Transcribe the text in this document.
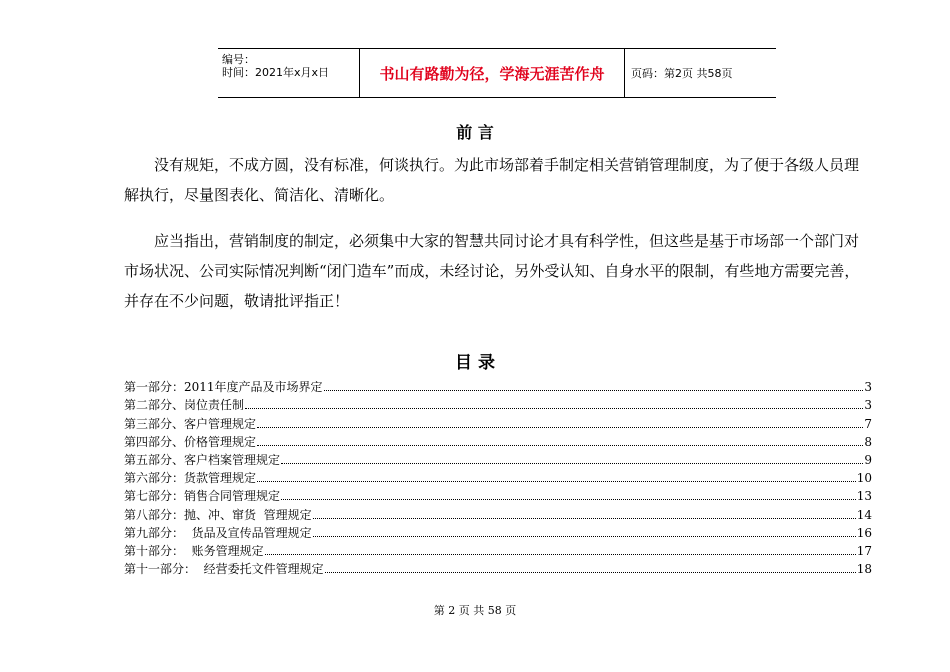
编号：
时间：2021年x月x日	书山有路勤为径，学海无涯苦作舟	页码：第2页 共58页
前 言
没有规矩，不成方圆，没有标准，何谈执行。为此市场部着手制定相关营销管理制度，为了便于各级人员理解执行，尽量图表化、简洁化、清晰化。
应当指出，营销制度的制定，必须集中大家的智慧共同讨论才具有科学性，但这些是基于市场部一个部门对市场状况、公司实际情况判断“闭门造车”而成，未经讨论，另外受认知、自身水平的限制，有些地方需要完善，并存在不少问题，敬请批评指正！
目 录
第一部分：2011年度产品及市场界定	3
第二部分、岗位责任制	3
第三部分、客户管理规定	7
第四部分、价格管理规定	8
第五部分、客户档案管理规定	9
第六部分：货款管理规定	10
第七部分：销售合同管理规定	13
第八部分：抛、冲、窜货  管理规定	14
第九部分：  货品及宣传品管理规定	16
第十部分：  账务管理规定	17
第十一部分：  经营委托文件管理规定	18
第 2 页 共 58 页
